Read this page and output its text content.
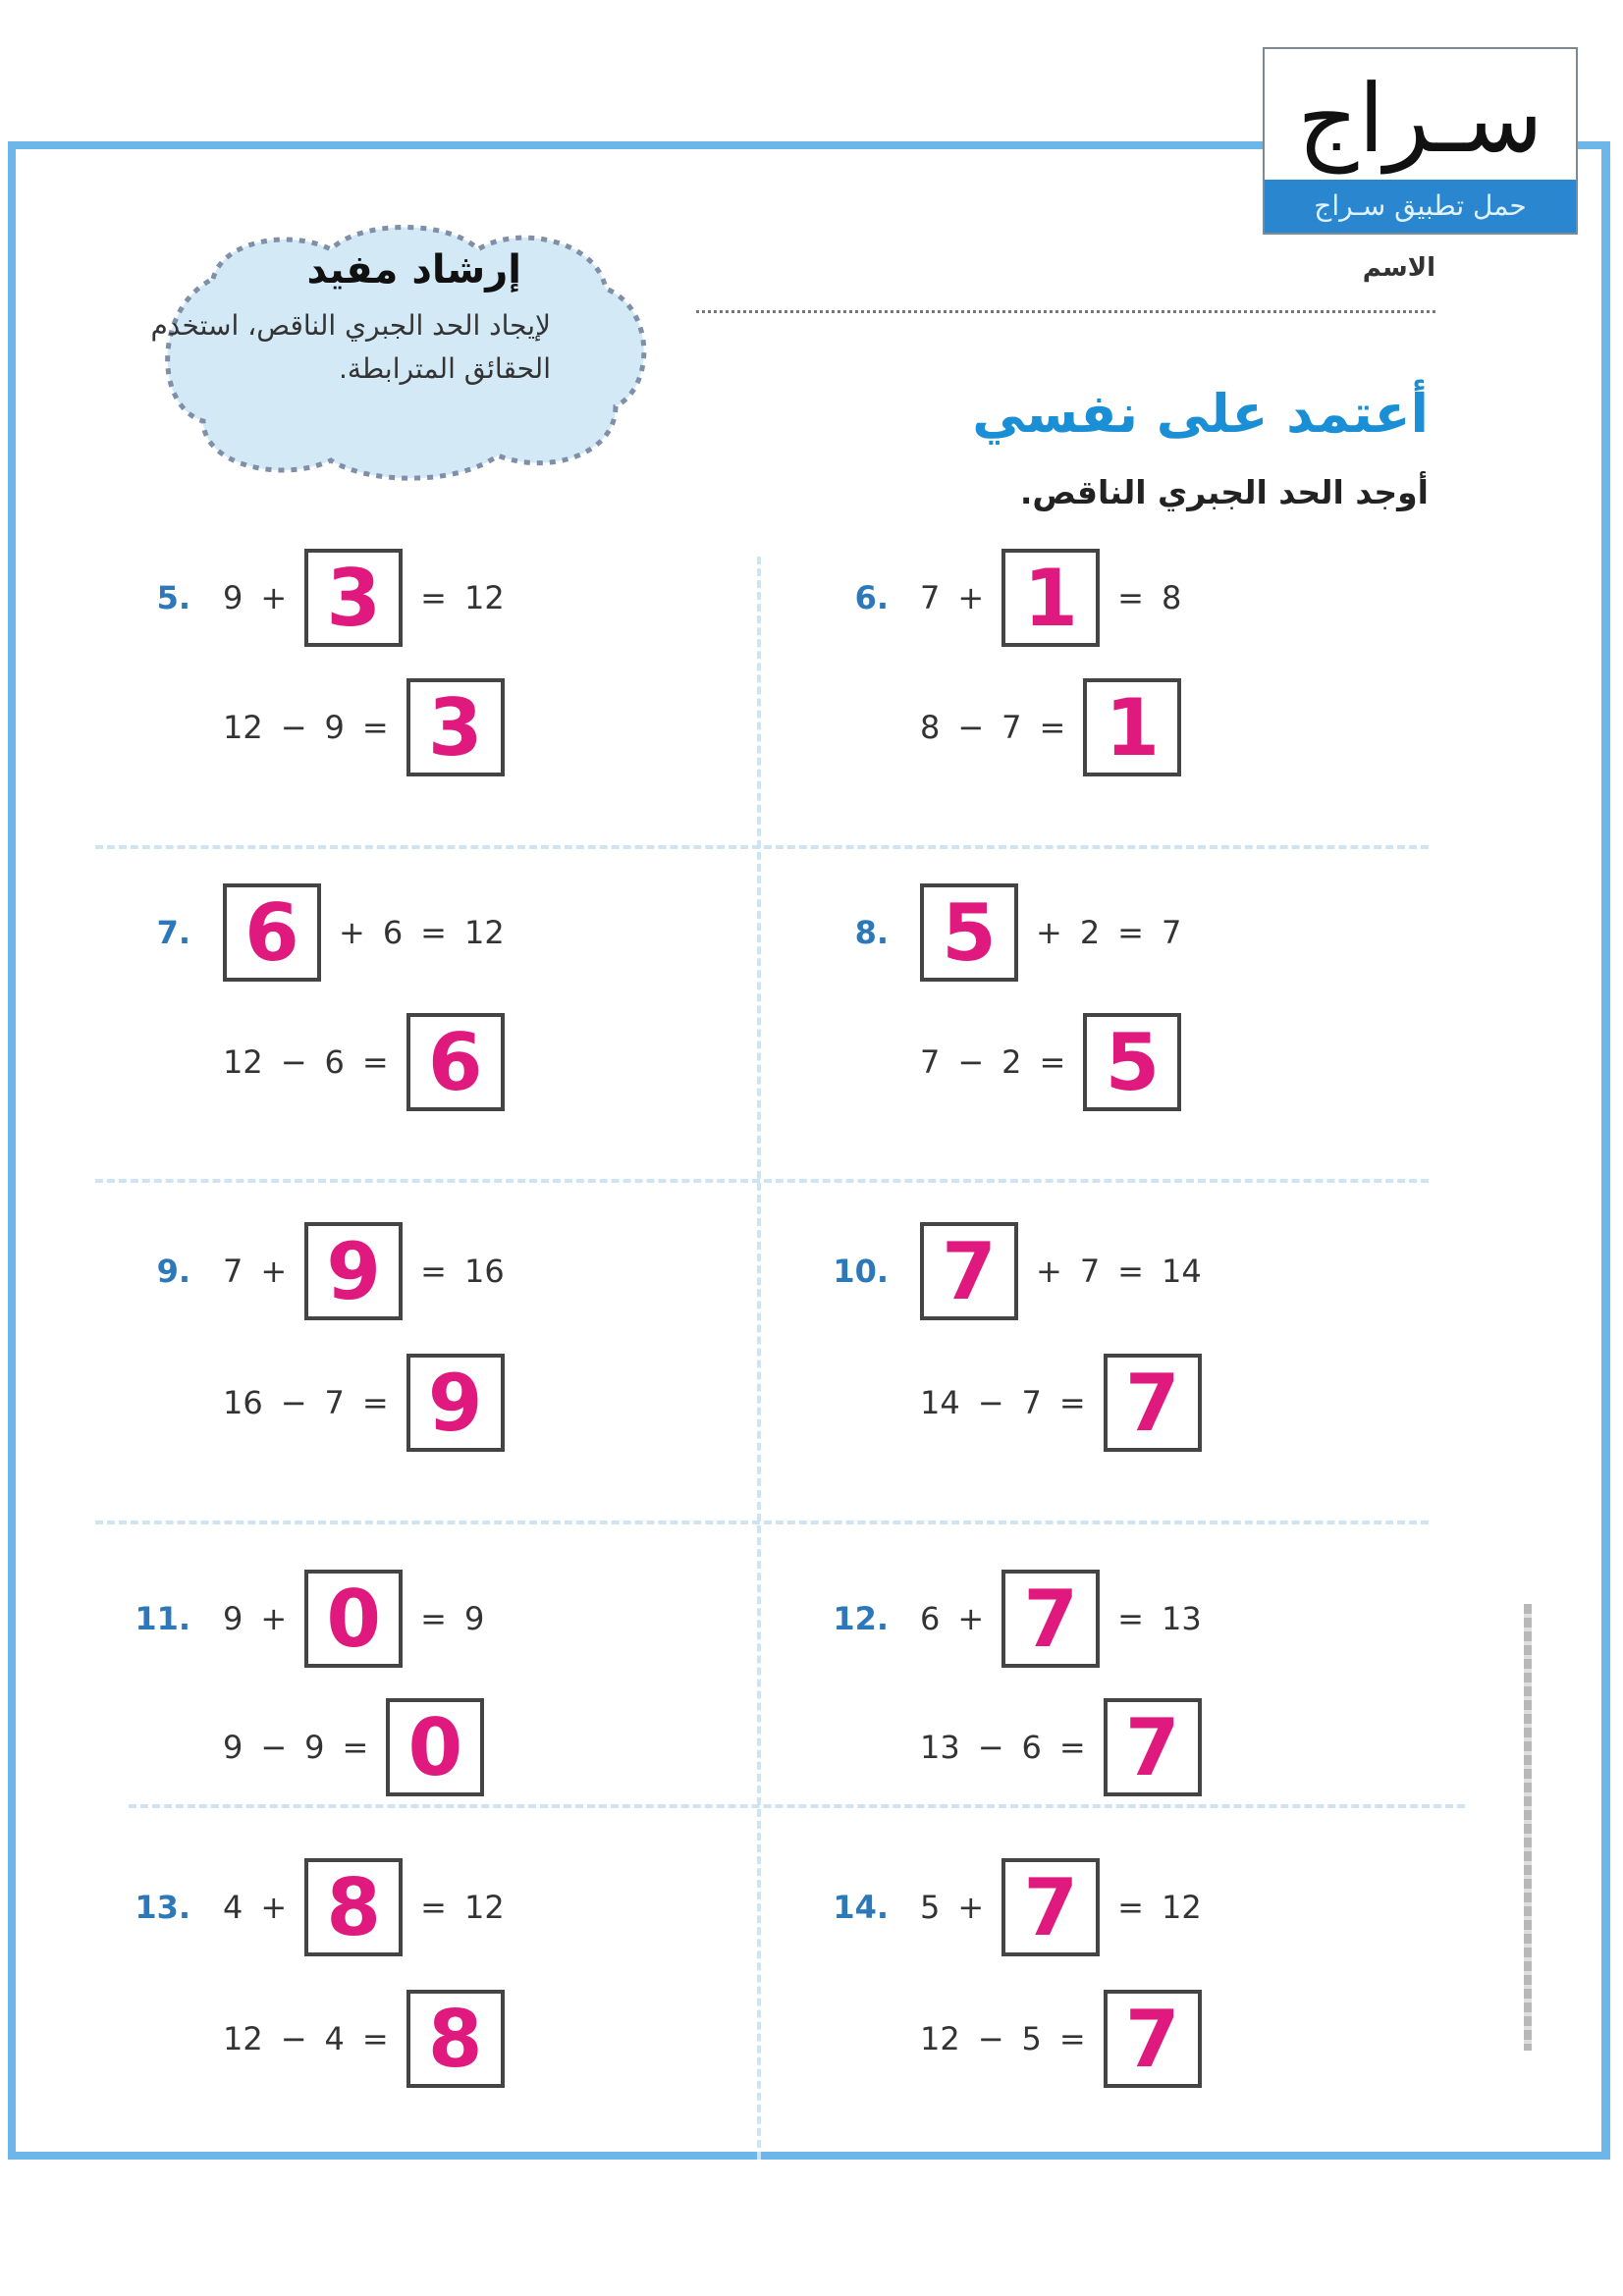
سـراج
حمل تطبيق سـراج
الاسم
أعتمد على نفسي
أوجد الحد الجبري الناقص.
إرشاد مفيد
لإيجاد الحد الجبري الناقص، استخدم الحقائق المترابطة.
5. 9 + 3	= 12
12 − 9 = 3
6. 7 + 1	= 8
8 − 7 = 1
7. 6	+ 6 = 12
12 − 6 = 6
8. 5	+ 2 = 7
7 − 2 = 5
9. 7 + 9	= 16
16 − 7 = 9
10. 7	+ 7 = 14
14 − 7 = 7
11. 9 + 0	= 9
9 − 9 = 0
12. 6 + 7	= 13
13 − 6 = 7
13. 4 + 8	= 12
12 − 4 = 8
14. 5 + 7	= 12
12 − 5 = 7
